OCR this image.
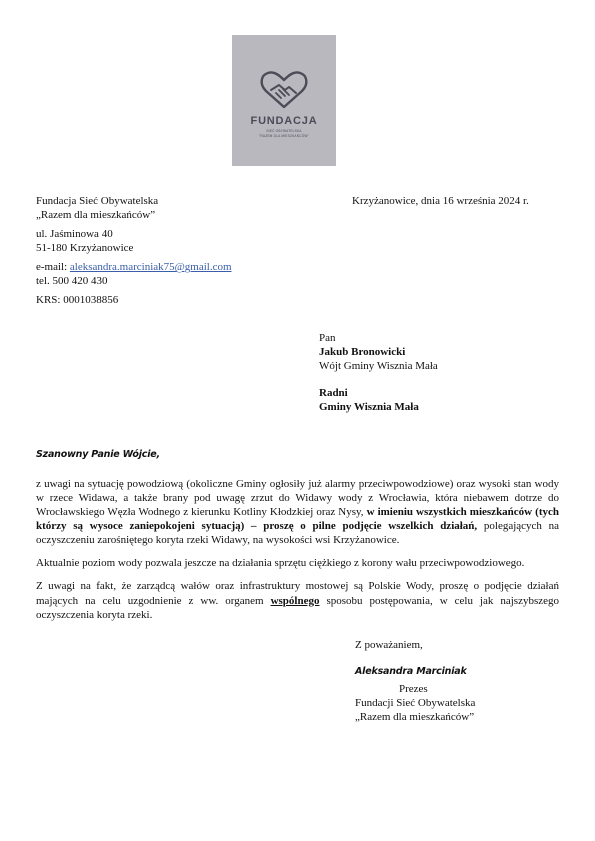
FUNDACJA
SIEĆ OBYWATELSKA
"RAZEM DLA MIESZKAŃCÓW"
Fundacja Sieć Obywatelska
„Razem dla mieszkańców”
ul. Jaśminowa 40
51-180 Krzyżanowice
e-mail: aleksandra.marciniak75@gmail.com
tel. 500 420 430
KRS: 0001038856
Krzyżanowice, dnia 16 września 2024 r.
Pan
Jakub Bronowicki
Wójt Gminy Wisznia Mała
Radni
Gminy Wisznia Mała
Szanowny Panie Wójcie,

z uwagi na sytuację powodziową (okoliczne Gminy ogłosiły już alarmy przeciwpowodziowe) oraz wysoki stan wody w rzece Widawa, a także brany pod uwagę zrzut do Widawy wody z Wrocławia, która niebawem dotrze do Wrocławskiego Węzła Wodnego z kierunku Kotliny Kłodzkiej oraz Nysy, w imieniu wszystkich mieszkańców (tych którzy są wysoce zaniepokojeni sytuacją) – proszę o pilne podjęcie wszelkich działań, polegających na oczyszczeniu zarośniętego koryta rzeki Widawy, na wysokości wsi Krzyżanowice.

Aktualnie poziom wody pozwala jeszcze na działania sprzętu ciężkiego z korony wału przeciwpowodziowego.

Z uwagi na fakt, że zarządcą wałów oraz infrastruktury mostowej są Polskie Wody, proszę o podjęcie działań mających na celu uzgodnienie z ww. organem wspólnego sposobu postępowania, w celu jak najszybszego oczyszczenia koryta rzeki.

Z poważaniem,
Aleksandra Marciniak
Prezes
Fundacji Sieć Obywatelska
„Razem dla mieszkańców”
